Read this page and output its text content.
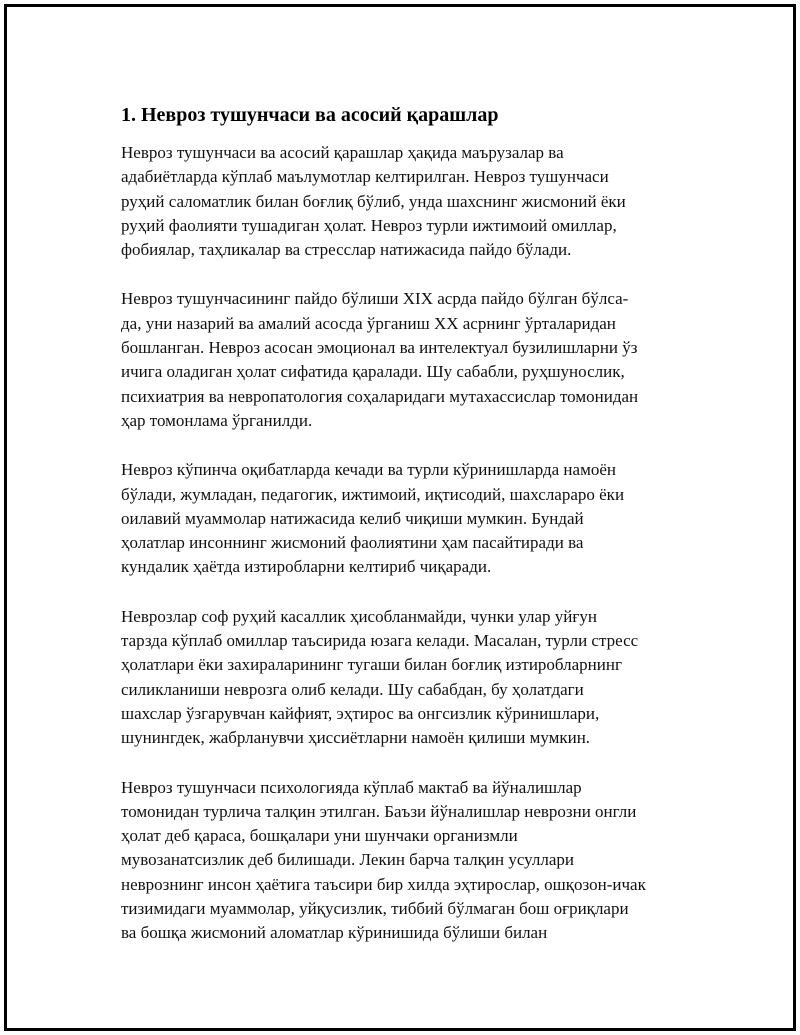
1. Невроз тушунчаси ва асосий қарашлар
Невроз тушунчаси ва асосий қарашлар ҳақида маърузалар ва
адабиётларда кўплаб маълумотлар келтирилган. Невроз тушунчаси
руҳий саломатлик билан боғлиқ бўлиб, унда шахснинг жисмоний ёки
руҳий фаолияти тушадиган ҳолат. Невроз турли ижтимоий омиллар,
фобиялар, таҳликалар ва стресслар натижасида пайдо бўлади.
Невроз тушунчасининг пайдо бўлиши XIX асрда пайдо бўлган бўлса-
да, уни назарий ва амалий асосда ўрганиш XX асрнинг ўрталаридан
бошланган. Невроз асосан эмоционал ва интелектуал бузилишларни ўз
ичига оладиган ҳолат сифатида қаралади. Шу сабабли, руҳшунослик,
психиатрия ва невропатология соҳаларидаги мутахассислар томонидан
ҳар томонлама ўрганилди.
Невроз кўпинча оқибатларда кечади ва турли кўринишларда намоён
бўлади, жумладан, педагогик, ижтимоий, иқтисодий, шахсларaро ёки
оилавий муаммолар натижасида келиб чиқиши мумкин. Бундай
ҳолатлар инсоннинг жисмоний фаолиятини ҳам пасайтиради ва
кундалик ҳаётда изтиробларни келтириб чиқаради.
Неврозлар соф руҳий касаллик ҳисобланмайди, чунки улар уйғун
тарзда кўплаб омиллар таъсирида юзага келади. Масалан, турли стресс
ҳолатлари ёки захираларининг тугаши билан боғлиқ изтиробларнинг
силикланиши неврозга олиб келади. Шу сабабдан, бу ҳолатдаги
шахслар ўзгарувчан кайфият, эҳтирос ва онгсизлик кўринишлари,
шунингдек, жабрланувчи ҳиссиётларни намоён қилиши мумкин.
Невроз тушунчаси психологияда кўплаб мактаб ва йўналишлар
томонидан турлича талқин этилган. Баъзи йўналишлар неврозни онгли
ҳолат деб қараса, бошқалари уни шунчаки организмли
мувозанатсизлик деб билишади. Лекин барча талқин усуллари
неврознинг инсон ҳаётига таъсири бир хилда эҳтирослар, ошқозон-ичак
тизимидаги муаммолар, уйқусизлик, тиббий бўлмаган бош оғриқлари
ва бошқа жисмоний аломатлар кўринишида бўлиши билан
